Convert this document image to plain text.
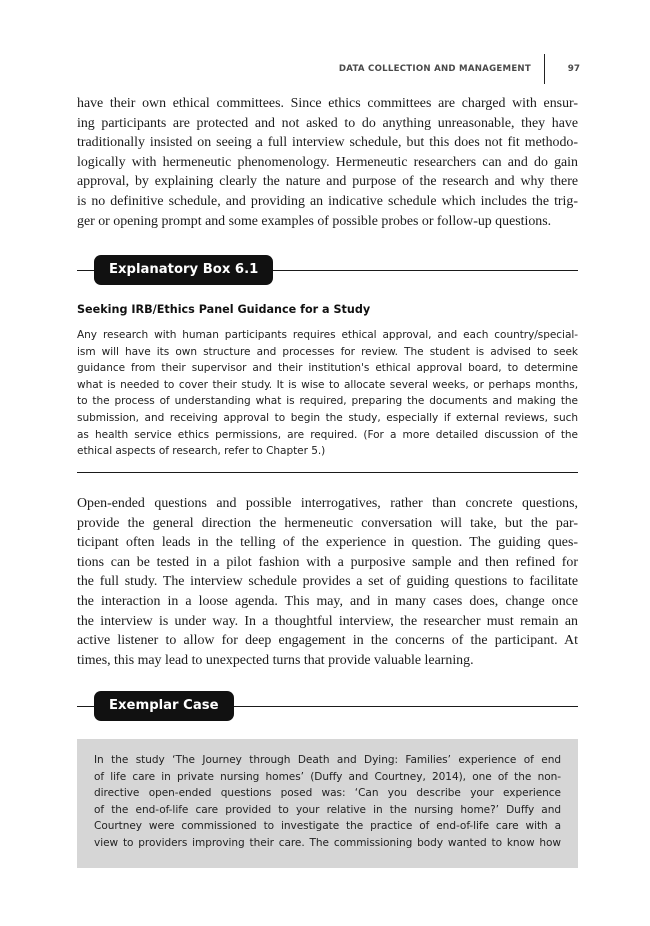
DATA COLLECTION AND MANAGEMENT	97

have their own ethical committees. Since ethics committees are charged with ensur-
ing participants are protected and not asked to do anything unreasonable, they have
traditionally insisted on seeing a full interview schedule, but this does not fit methodo-
logically with hermeneutic phenomenology. Hermeneutic researchers can and do gain
approval, by explaining clearly the nature and purpose of the research and why there
is no definitive schedule, and providing an indicative schedule which includes the trig-
ger or opening prompt and some examples of possible probes or follow-up questions.

Explanatory Box 6.1
Seeking IRB/Ethics Panel Guidance for a Study

Any research with human participants requires ethical approval, and each country/special-
ism will have its own structure and processes for review. The student is advised to seek
guidance from their supervisor and their institution's ethical approval board, to determine
what is needed to cover their study. It is wise to allocate several weeks, or perhaps months,
to the process of understanding what is required, preparing the documents and making the
submission, and receiving approval to begin the study, especially if external reviews, such
as health service ethics permissions, are required. (For a more detailed discussion of the
ethical aspects of research, refer to Chapter 5.)

Open-ended questions and possible interrogatives, rather than concrete questions,
provide the general direction the hermeneutic conversation will take, but the par-
ticipant often leads in the telling of the experience in question. The guiding ques-
tions can be tested in a pilot fashion with a purposive sample and then refined for
the full study. The interview schedule provides a set of guiding questions to facilitate
the interaction in a loose agenda. This may, and in many cases does, change once
the interview is under way. In a thoughtful interview, the researcher must remain an
active listener to allow for deep engagement in the concerns of the participant. At
times, this may lead to unexpected turns that provide valuable learning.

Exemplar Case

In the study ‘The Journey through Death and Dying: Families’ experience of end
of life care in private nursing homes’ (Duffy and Courtney, 2014), one of the non-
directive open-ended questions posed was: ‘Can you describe your experience
of the end-of-life care provided to your relative in the nursing home?’ Duffy and
Courtney were commissioned to investigate the practice of end-of-life care with a
view to providers improving their care. The commissioning body wanted to know how
